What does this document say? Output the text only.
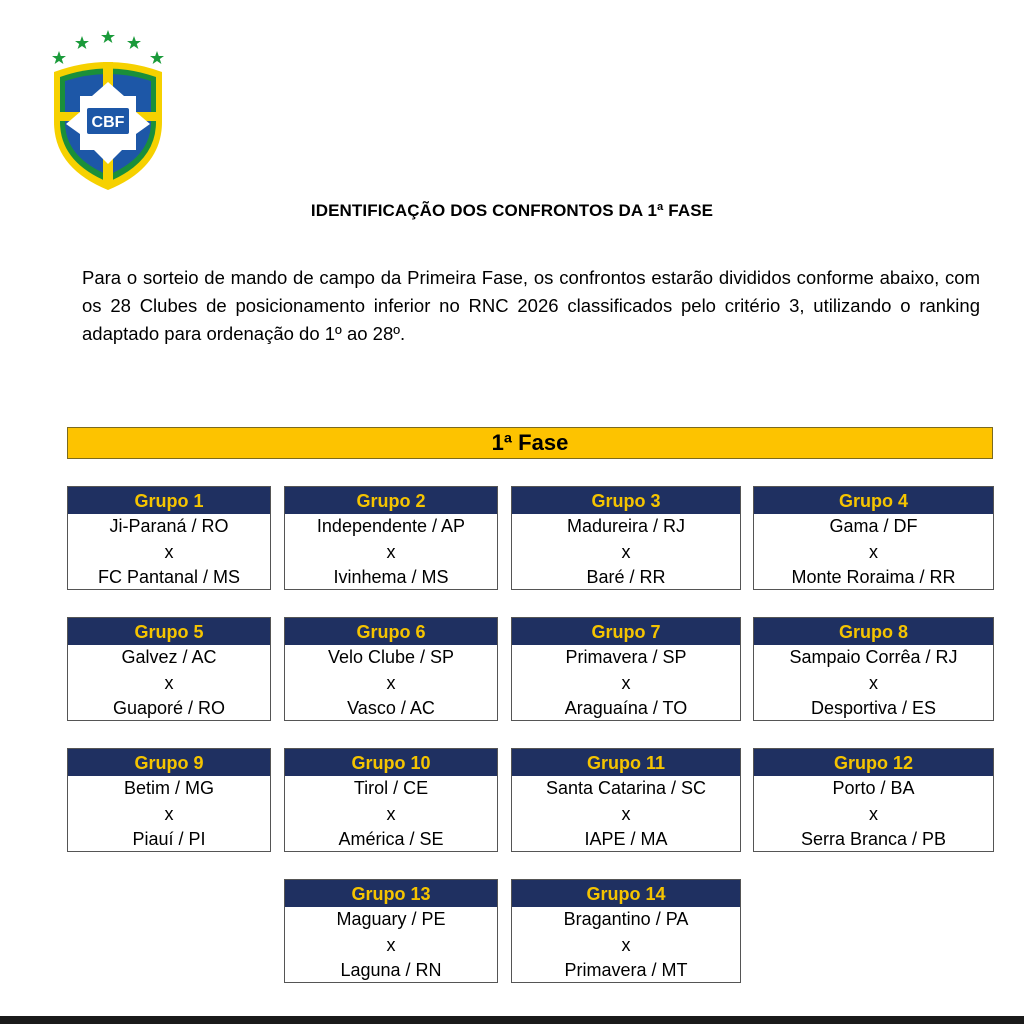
CBF
IDENTIFICAÇÃO DOS CONFRONTOS DA 1ª FASE
Para o sorteio de mando de campo da Primeira Fase, os confrontos estarão divididos conforme abaixo, com os 28 Clubes de posicionamento inferior no RNC 2026 classificados pelo critério 3, utilizando o ranking adaptado para ordenação do 1º ao 28º.
1ª Fase
Grupo 1
Ji-Paraná / RO
x
FC Pantanal / MS
Grupo 2
Independente / AP
x
Ivinhema / MS
Grupo 3
Madureira / RJ
x
Baré / RR
Grupo 4
Gama / DF
x
Monte Roraima / RR
Grupo 5
Galvez / AC
x
Guaporé / RO
Grupo 6
Velo Clube / SP
x
Vasco / AC
Grupo 7
Primavera / SP
x
Araguaína / TO
Grupo 8
Sampaio Corrêa / RJ
x
Desportiva / ES
Grupo 9
Betim / MG
x
Piauí / PI
Grupo 10
Tirol / CE
x
América / SE
Grupo 11
Santa Catarina / SC
x
IAPE / MA
Grupo 12
Porto / BA
x
Serra Branca / PB
Grupo 13
Maguary / PE
x
Laguna / RN
Grupo 14
Bragantino / PA
x
Primavera / MT
